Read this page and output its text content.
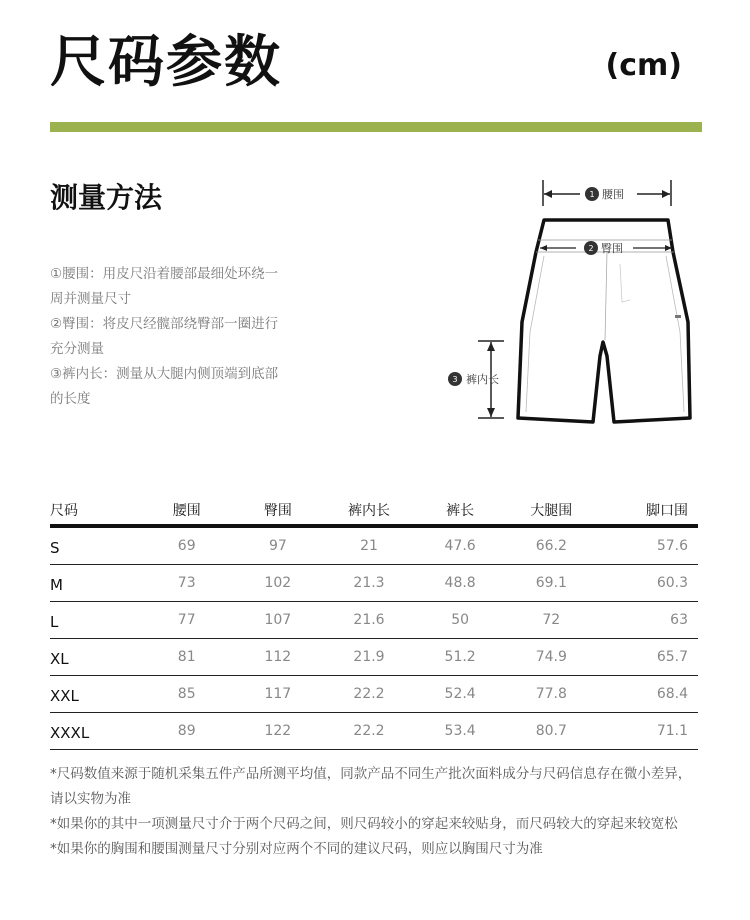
尺码参数	(cm)
测量方法

①腰围：用皮尺沿着腰部最细处环绕一周并测量尺寸

②臀围：将皮尺经髋部绕臀部一圈进行充分测量

③裤内长：测量从大腿内侧顶端到底部的长度

1 腰围
2 臀围
3 裤内长
尺码	腰围	臀围	裤内长	裤长	大腿围	脚口围
S	69	97	21	47.6	66.2	57.6
M	73	102	21.3	48.8	69.1	60.3
L	77	107	21.6	50	72	63
XL	81	112	21.9	51.2	74.9	65.7
XXL	85	117	22.2	52.4	77.8	68.4
XXXL	89	122	22.2	53.4	80.7	71.1

*尺码数值来源于随机采集五件产品所测平均值，同款产品不同生产批次面料成分与尺码信息存在微小差异，请以实物为准

*如果你的其中一项测量尺寸介于两个尺码之间，则尺码较小的穿起来较贴身，而尺码较大的穿起来较宽松

*如果你的胸围和腰围测量尺寸分别对应两个不同的建议尺码，则应以胸围尺寸为准
